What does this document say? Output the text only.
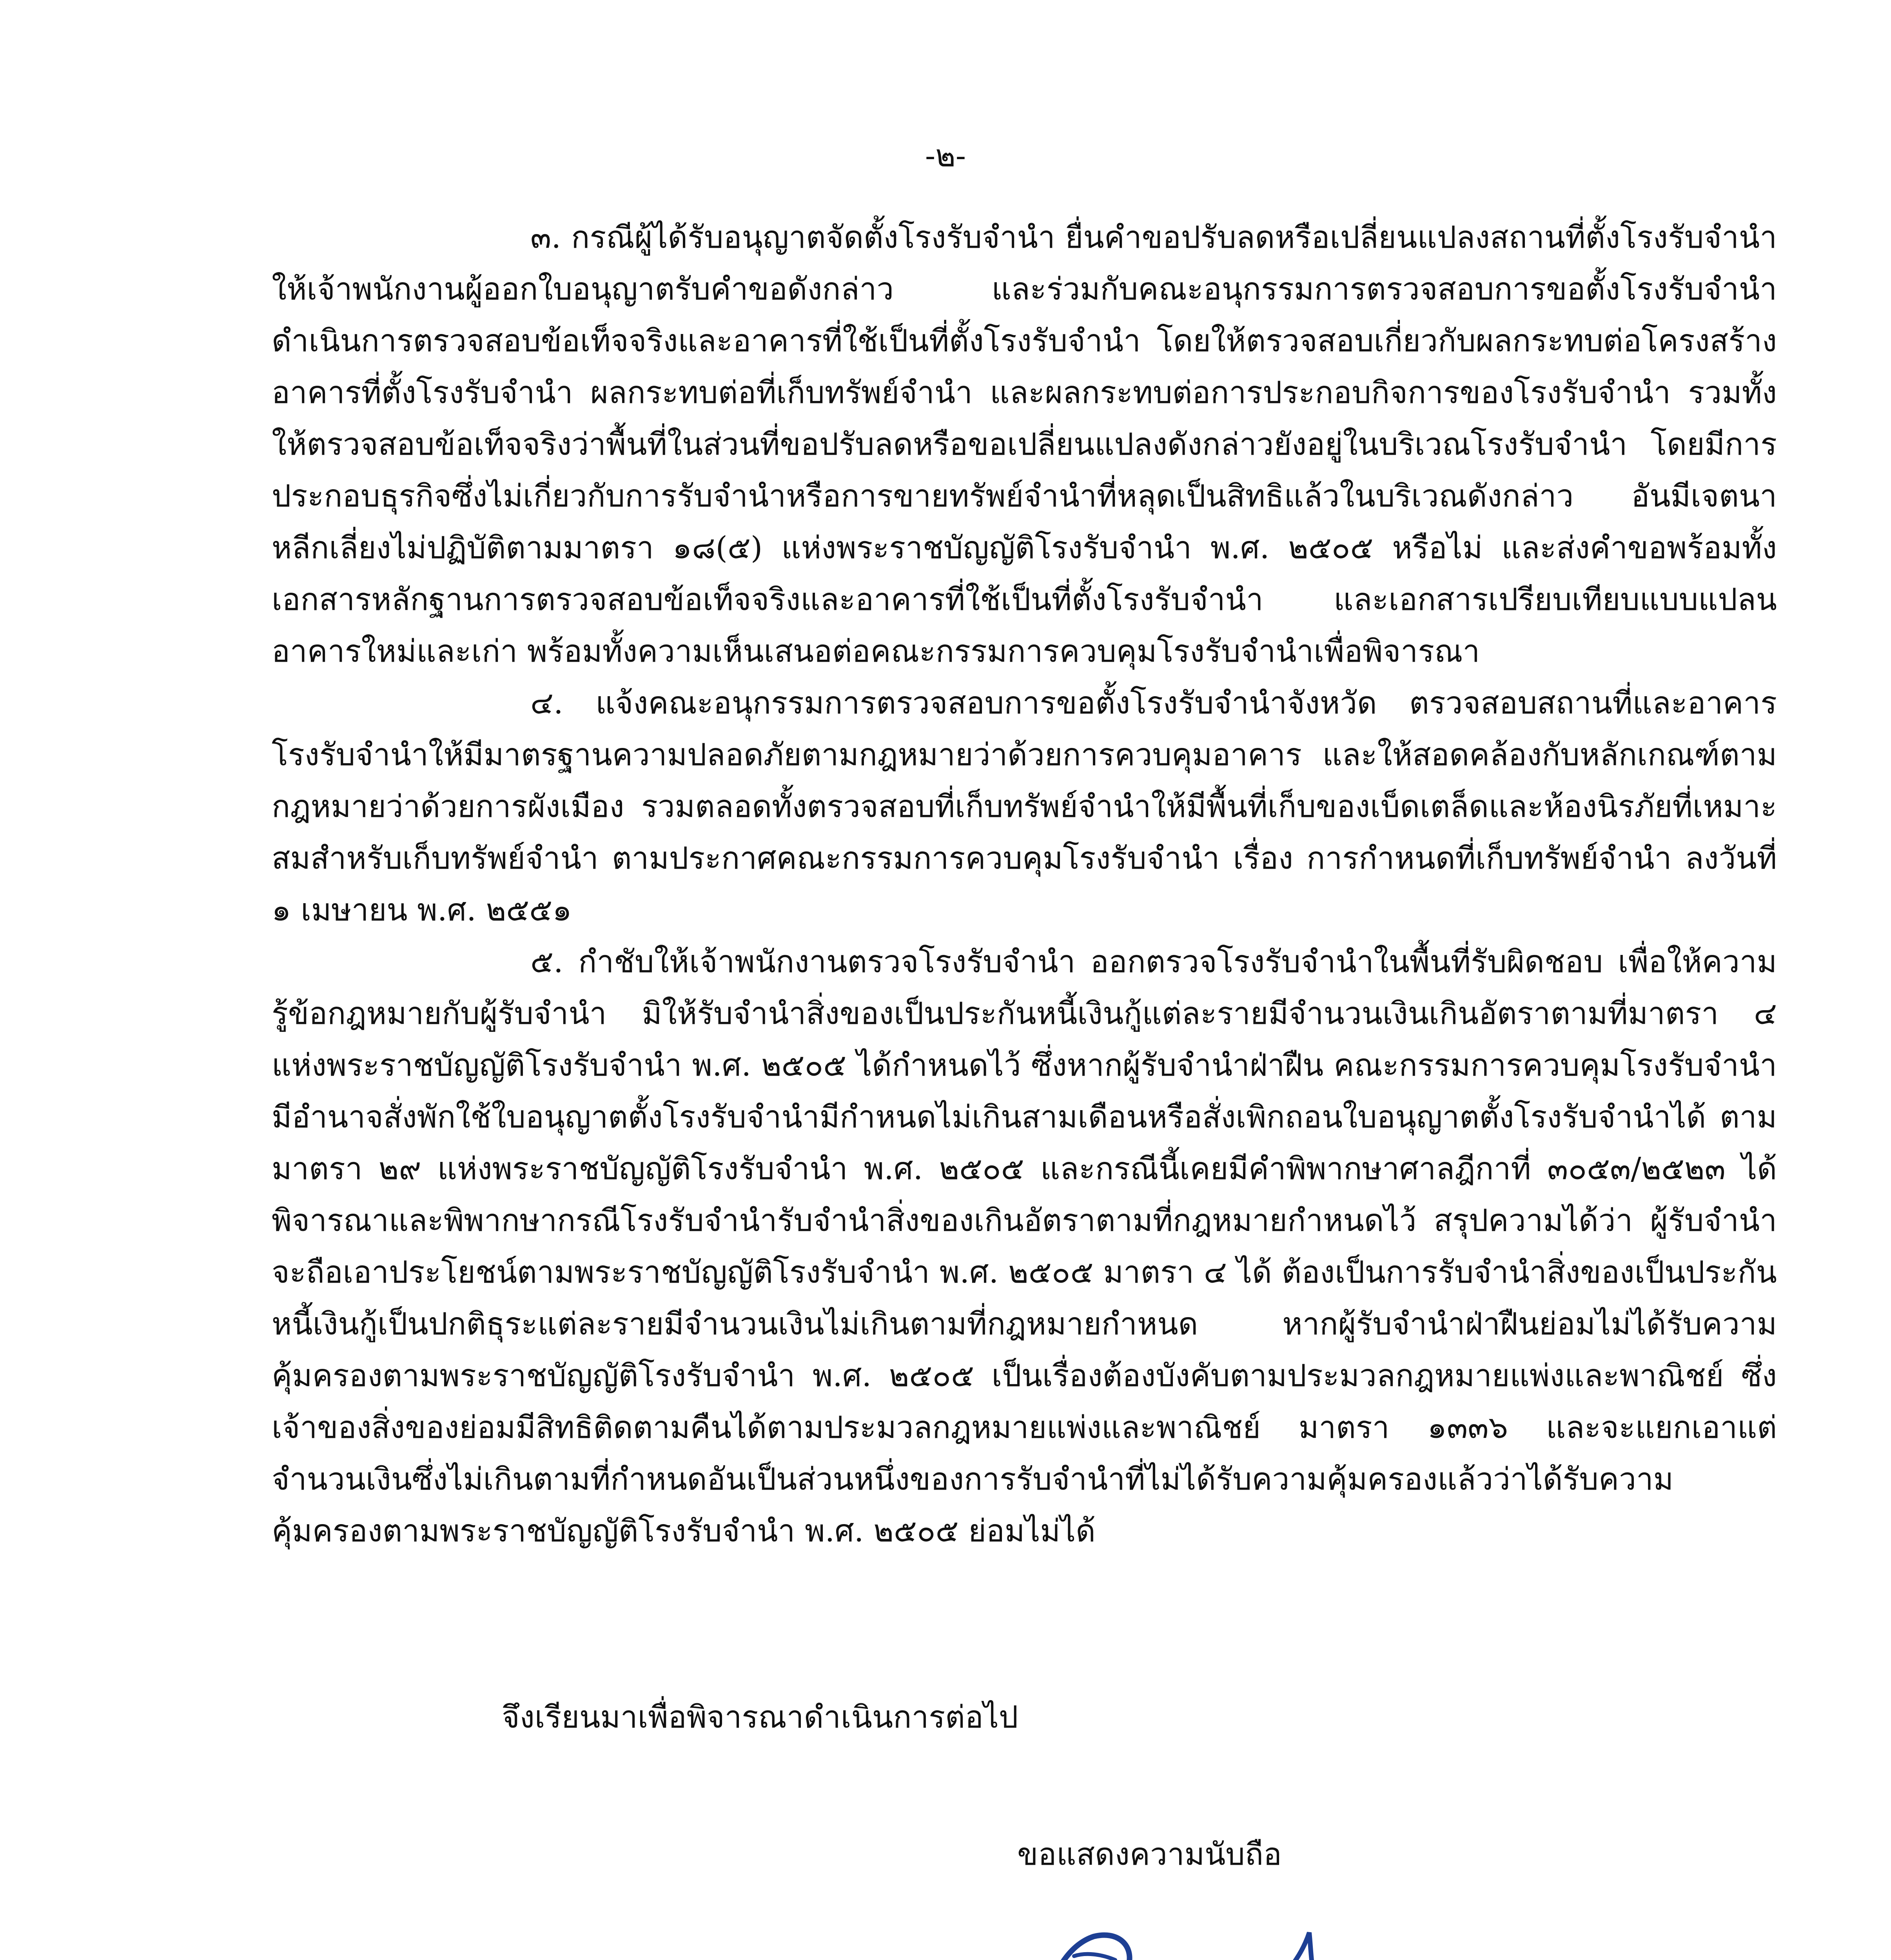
-๒-

๓. กรณีผู้ได้รับอนุญาตจัดตั้งโรงรับจำนำ ยื่นคำขอปรับลดหรือเปลี่ยนแปลงสถานที่ตั้งโรงรับจำนำ ให้เจ้าพนักงานผู้ออกใบอนุญาตรับคำขอดังกล่าว และร่วมกับคณะอนุกรรมการตรวจสอบการขอตั้งโรงรับจำนำ ดำเนินการตรวจสอบข้อเท็จจริงและอาคารที่ใช้เป็นที่ตั้งโรงรับจำนำ โดยให้ตรวจสอบเกี่ยวกับผลกระทบต่อโครงสร้างอาคารที่ตั้งโรงรับจำนำ ผลกระทบต่อที่เก็บทรัพย์จำนำ และผลกระทบต่อการประกอบกิจการของโรงรับจำนำ รวมทั้งให้ตรวจสอบข้อเท็จจริงว่าพื้นที่ในส่วนที่ขอปรับลดหรือขอเปลี่ยนแปลงดังกล่าวยังอยู่ในบริเวณโรงรับจำนำ โดยมีการประกอบธุรกิจซึ่งไม่เกี่ยวกับการรับจำนำหรือการขายทรัพย์จำนำที่หลุดเป็นสิทธิแล้วในบริเวณดังกล่าว อันมีเจตนาหลีกเลี่ยงไม่ปฏิบัติตามมาตรา ๑๘(๕) แห่งพระราชบัญญัติโรงรับจำนำ พ.ศ. ๒๕๐๕ หรือไม่ และส่งคำขอพร้อมทั้งเอกสารหลักฐานการตรวจสอบข้อเท็จจริงและอาคารที่ใช้เป็นที่ตั้งโรงรับจำนำ และเอกสารเปรียบเทียบแบบแปลนอาคารใหม่และเก่า พร้อมทั้งความเห็นเสนอต่อคณะกรรมการควบคุมโรงรับจำนำเพื่อพิจารณา

๔. แจ้งคณะอนุกรรมการตรวจสอบการขอตั้งโรงรับจำนำจังหวัด ตรวจสอบสถานที่และอาคารโรงรับจำนำให้มีมาตรฐานความปลอดภัยตามกฎหมายว่าด้วยการควบคุมอาคาร และให้สอดคล้องกับหลักเกณฑ์ตามกฎหมายว่าด้วยการผังเมือง รวมตลอดทั้งตรวจสอบที่เก็บทรัพย์จำนำให้มีพื้นที่เก็บของเบ็ดเตล็ดและห้องนิรภัยที่เหมาะสมสำหรับเก็บทรัพย์จำนำ ตามประกาศคณะกรรมการควบคุมโรงรับจำนำ เรื่อง การกำหนดที่เก็บทรัพย์จำนำ ลงวันที่ ๑ เมษายน พ.ศ. ๒๕๕๑

๕. กำชับให้เจ้าพนักงานตรวจโรงรับจำนำ ออกตรวจโรงรับจำนำในพื้นที่รับผิดชอบ เพื่อให้ความรู้ข้อกฎหมายกับผู้รับจำนำ มิให้รับจำนำสิ่งของเป็นประกันหนี้เงินกู้แต่ละรายมีจำนวนเงินเกินอัตราตามที่มาตรา ๔ แห่งพระราชบัญญัติโรงรับจำนำ พ.ศ. ๒๕๐๕ ได้กำหนดไว้ ซึ่งหากผู้รับจำนำฝ่าฝืน คณะกรรมการควบคุมโรงรับจำนำมีอำนาจสั่งพักใช้ใบอนุญาตตั้งโรงรับจำนำมีกำหนดไม่เกินสามเดือนหรือสั่งเพิกถอนใบอนุญาตตั้งโรงรับจำนำได้ ตามมาตรา ๒๙ แห่งพระราชบัญญัติโรงรับจำนำ พ.ศ. ๒๕๐๕ และกรณีนี้เคยมีคำพิพากษาศาลฎีกาที่ ๓๐๕๓/๒๕๒๓ ได้พิจารณาและพิพากษากรณีโรงรับจำนำรับจำนำสิ่งของเกินอัตราตามที่กฎหมายกำหนดไว้ สรุปความได้ว่า ผู้รับจำนำจะถือเอาประโยชน์ตามพระราชบัญญัติโรงรับจำนำ พ.ศ. ๒๕๐๕ มาตรา ๔ ได้ ต้องเป็นการรับจำนำสิ่งของเป็นประกันหนี้เงินกู้เป็นปกติธุระแต่ละรายมีจำนวนเงินไม่เกินตามที่กฎหมายกำหนด หากผู้รับจำนำฝ่าฝืนย่อมไม่ได้รับความคุ้มครองตามพระราชบัญญัติโรงรับจำนำ พ.ศ. ๒๕๐๕ เป็นเรื่องต้องบังคับตามประมวลกฎหมายแพ่งและพาณิชย์ ซึ่งเจ้าของสิ่งของย่อมมีสิทธิติดตามคืนได้ตามประมวลกฎหมายแพ่งและพาณิชย์ มาตรา ๑๓๓๖ และจะแยกเอาแต่จำนวนเงินซึ่งไม่เกินตามที่กำหนดอันเป็นส่วนหนึ่งของการรับจำนำที่ไม่ได้รับความคุ้มครองแล้วว่าได้รับความคุ้มครองตามพระราชบัญญัติโรงรับจำนำ พ.ศ. ๒๕๐๕ ย่อมไม่ได้

จึงเรียนมาเพื่อพิจารณาดำเนินการต่อไป
ขอแสดงความนับถือ
